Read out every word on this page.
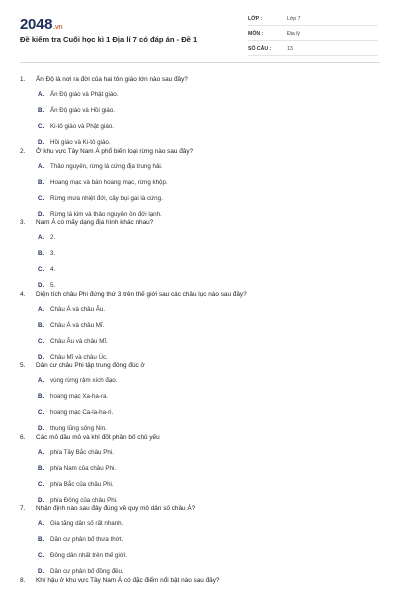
2048.vn
Đề kiểm tra Cuối học kì 1 Địa lí 7 có đáp án - Đề 1
LỚP :	Lớp 7
MÔN :	Địa lý
SỐ CÂU :	13
1. Ấn Độ là nơi ra đời của hai tôn giáo lớn nào sau đây?
A. Ấn Độ giáo và Phật giáo.
B. Ấn Độ giáo và Hồi giáo.
C. Ki-tô giáo và Phật giáo.
D. Hồi giáo và Ki-tô giáo.
2. Ở khu vực Tây Nam Á phổ biến loại rừng nào sau đây?
A. Thảo nguyên, rừng lá cứng địa trung hải.
B. Hoang mạc và bán hoang mạc, rừng khộp.
C. Rừng mưa nhiệt đới, cây bụi gai lá cứng.
D. Rừng lá kim và thảo nguyên ôn đới lạnh.
3. Nam Á có mấy dạng địa hình khác nhau?
A. 2.
B. 3.
C. 4.
D. 5.
4. Diện tích châu Phi đứng thứ 3 trên thế giới sau các châu lục nào sau đây?
A. Châu Á và châu Âu.
B. Châu Á và châu Mĩ.
C. Châu Âu và châu Mĩ.
D. Châu Mĩ và châu Úc.
5. Dân cư châu Phi tập trung đông đúc ở
A. vùng rừng rậm xích đạo.
B. hoang mạc Xa-ha-ra.
C. hoang mạc Ca-la-ha-ri.
D. thung lũng sông Nin.
6. Các mỏ dầu mỏ và khí đốt phân bố chủ yếu
A. phía Tây Bắc châu Phi.
B. phía Nam của châu Phi.
C. phía Bắc của châu Phi.
D. phía Đông của châu Phi.
7. Nhận định nào sau đây đúng về quy mô dân số châu Á?
A. Gia tăng dân số rất nhanh.
B. Dân cư phân bố thưa thớt.
C. Đông dân nhất trên thế giới.
D. Dân cư phân bố đồng đều.
8. Khí hậu ở khu vực Tây Nam Á có đặc điểm nổi bật nào sau đây?
